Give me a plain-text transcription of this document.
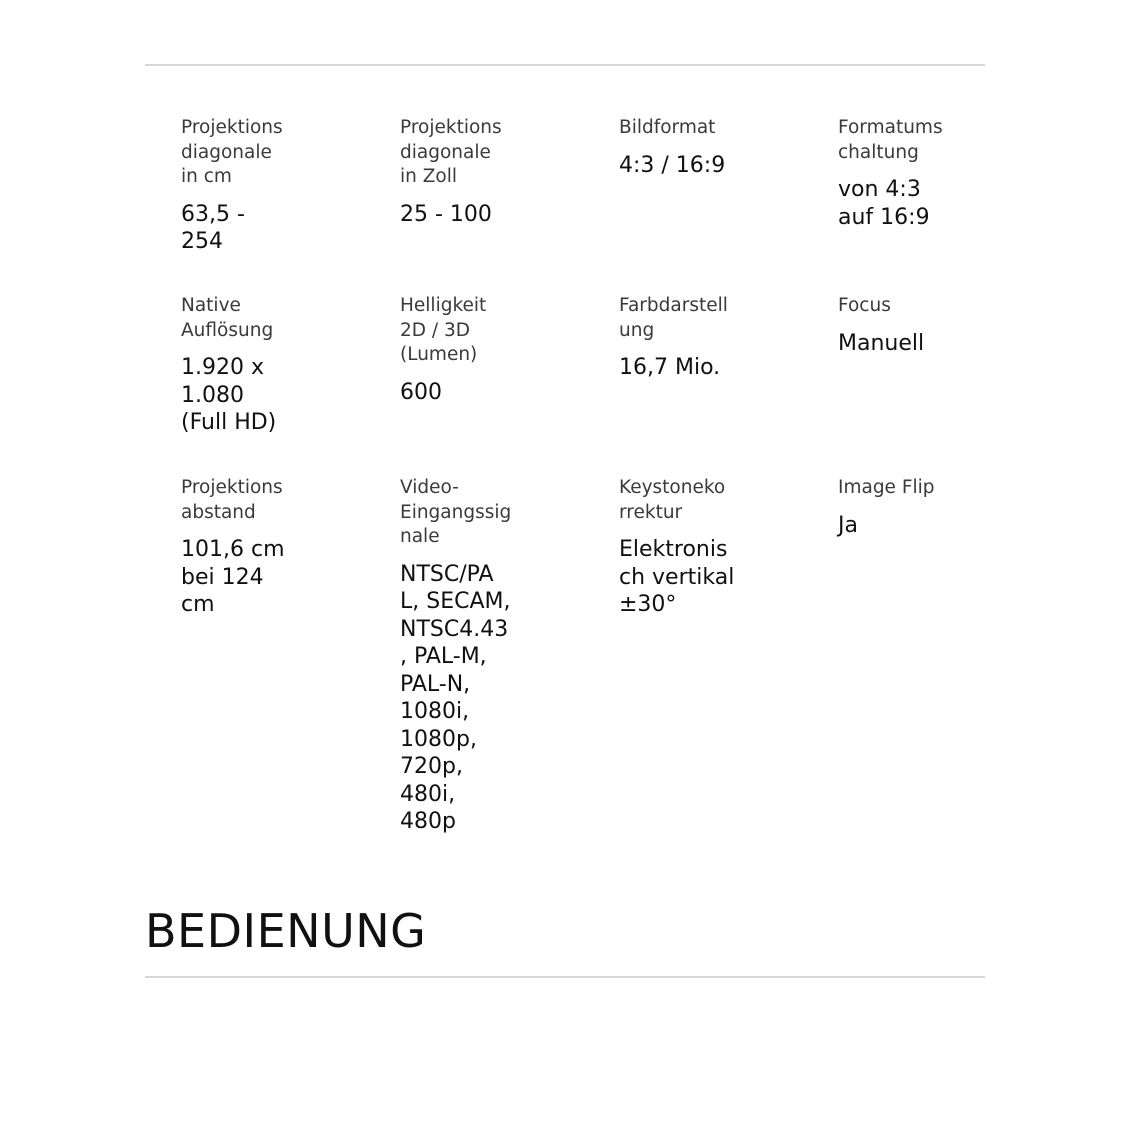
Projektions
diagonale
in cm
63,5 -
254
Projektions
diagonale
in Zoll
25 - 100
Bildformat
4:3 / 16:9
Formatums
chaltung
von 4:3
auf 16:9
Native
Auflösung
1.920 x
1.080
(Full HD)
Helligkeit
2D / 3D
(Lumen)
600
Farbdarstell
ung
16,7 Mio.
Focus
Manuell
Projektions
abstand
101,6 cm
bei 124
cm
Video-
Eingangssig
nale
NTSC/PA
L, SECAM,
NTSC4.43
, PAL-M,
PAL-N,
1080i,
1080p,
720p,
480i,
480p
Keystoneko
rrektur
Elektronis
ch vertikal
±30°
Image Flip
Ja
BEDIENUNG
